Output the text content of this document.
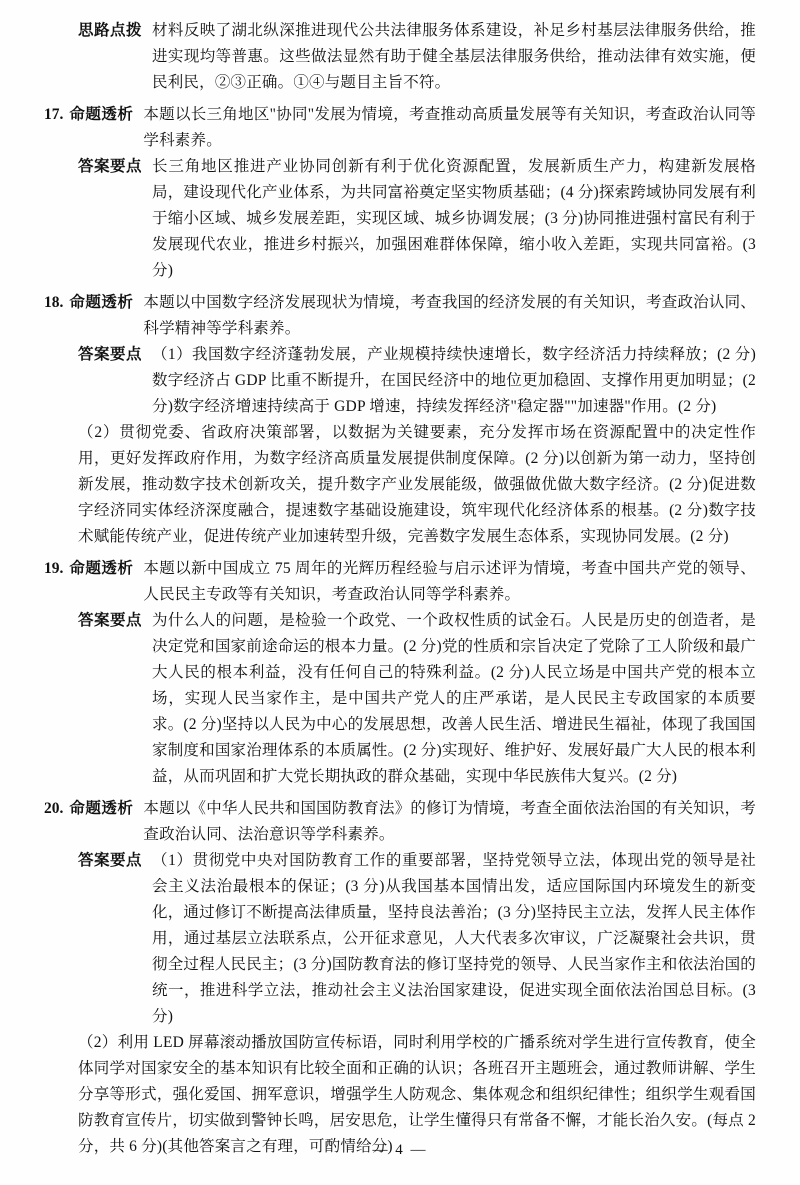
思路点拨 材料反映了湖北纵深推进现代公共法律服务体系建设，补足乡村基层法律服务供给，推进实现均等普惠。这些做法显然有助于健全基层法律服务供给，推动法律有效实施，便民利民，②③正确。①④与题目主旨不符。
17. 命题透析 本题以长三角地区"协同"发展为情境，考查推动高质量发展等有关知识，考查政治认同等学科素养。
答案要点 长三角地区推进产业协同创新有利于优化资源配置，发展新质生产力，构建新发展格局，建设现代化产业体系，为共同富裕奠定坚实物质基础；(4 分)探索跨域协同发展有利于缩小区域、城乡发展差距，实现区域、城乡协调发展；(3 分)协同推进强村富民有利于发展现代农业，推进乡村振兴，加强困难群体保障，缩小收入差距，实现共同富裕。(3 分)
18. 命题透析 本题以中国数字经济发展现状为情境，考查我国的经济发展的有关知识，考查政治认同、科学精神等学科素养。
答案要点 （1）我国数字经济蓬勃发展，产业规模持续快速增长，数字经济活力持续释放；(2 分)数字经济占 GDP 比重不断提升，在国民经济中的地位更加稳固、支撑作用更加明显；(2 分)数字经济增速持续高于 GDP 增速，持续发挥经济"稳定器""加速器"作用。(2 分)
（2）贯彻党委、省政府决策部署，以数据为关键要素，充分发挥市场在资源配置中的决定性作用，更好发挥政府作用，为数字经济高质量发展提供制度保障。(2 分)以创新为第一动力，坚持创新发展，推动数字技术创新攻关，提升数字产业发展能级，做强做优做大数字经济。(2 分)促进数字经济同实体经济深度融合，提速数字基础设施建设，筑牢现代化经济体系的根基。(2 分)数字技术赋能传统产业，促进传统产业加速转型升级，完善数字发展生态体系，实现协同发展。(2 分)
19. 命题透析 本题以新中国成立 75 周年的光辉历程经验与启示述评为情境，考查中国共产党的领导、人民民主专政等有关知识，考查政治认同等学科素养。
答案要点 为什么人的问题，是检验一个政党、一个政权性质的试金石。人民是历史的创造者，是决定党和国家前途命运的根本力量。(2 分)党的性质和宗旨决定了党除了工人阶级和最广大人民的根本利益，没有任何自己的特殊利益。(2 分)人民立场是中国共产党的根本立场，实现人民当家作主，是中国共产党人的庄严承诺，是人民民主专政国家的本质要求。(2 分)坚持以人民为中心的发展思想，改善人民生活、增进民生福祉，体现了我国国家制度和国家治理体系的本质属性。(2 分)实现好、维护好、发展好最广大人民的根本利益，从而巩固和扩大党长期执政的群众基础，实现中华民族伟大复兴。(2 分)
20. 命题透析 本题以《中华人民共和国国防教育法》的修订为情境，考查全面依法治国的有关知识，考查政治认同、法治意识等学科素养。
答案要点 （1）贯彻党中央对国防教育工作的重要部署，坚持党领导立法，体现出党的领导是社会主义法治最根本的保证；(3 分)从我国基本国情出发，适应国际国内环境发生的新变化，通过修订不断提高法律质量，坚持良法善治；(3 分)坚持民主立法，发挥人民主体作用，通过基层立法联系点，公开征求意见，人大代表多次审议，广泛凝聚社会共识，贯彻全过程人民民主；(3 分)国防教育法的修订坚持党的领导、人民当家作主和依法治国的统一，推进科学立法，推动社会主义法治国家建设，促进实现全面依法治国总目标。(3 分)
（2）利用 LED 屏幕滚动播放国防宣传标语，同时利用学校的广播系统对学生进行宣传教育，使全体同学对国家安全的基本知识有比较全面和正确的认识；各班召开主题班会，通过教师讲解、学生分享等形式，强化爱国、拥军意识，增强学生人防观念、集体观念和组织纪律性；组织学生观看国防教育宣传片，切实做到警钟长鸣，居安思危，让学生懂得只有常备不懈，才能长治久安。(每点 2 分，共 6 分)(其他答案言之有理，可酌情给分)
— 4 —
